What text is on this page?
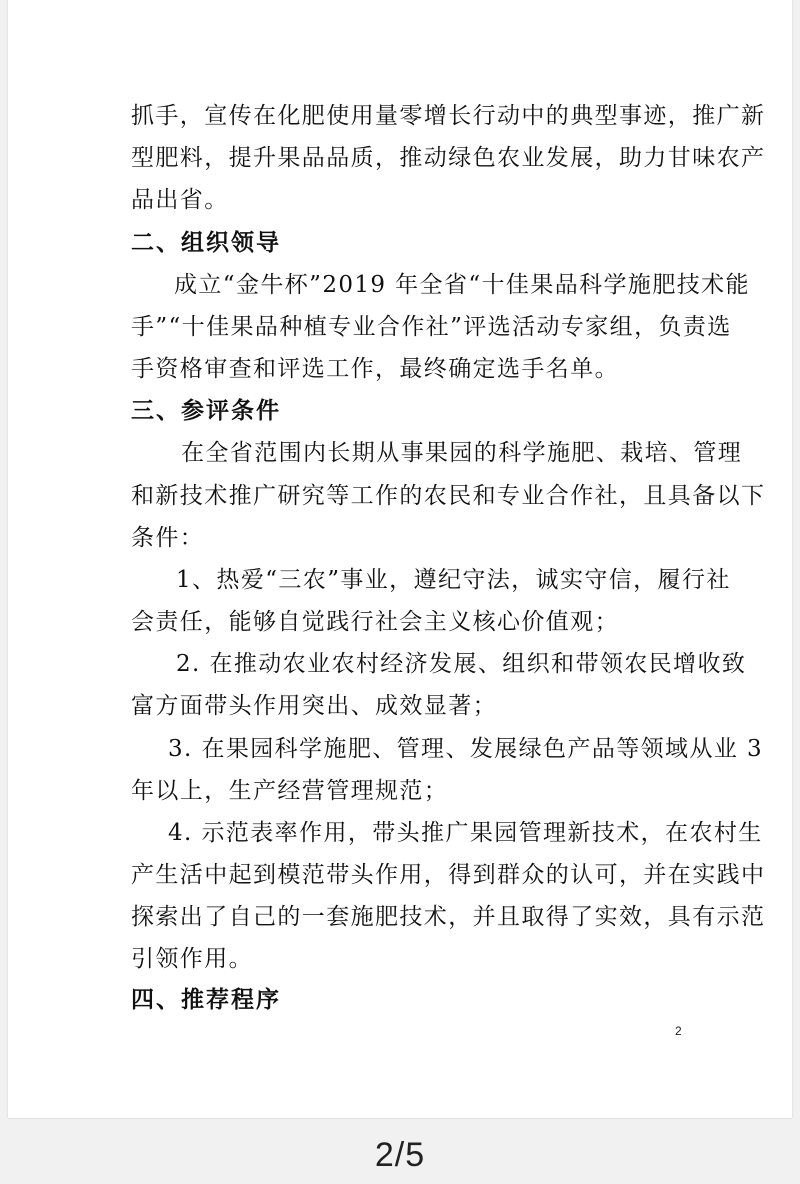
抓手，宣传在化肥使用量零增长行动中的典型事迹，推广新
型肥料，提升果品品质，推动绿色农业发展，助力甘味农产
品出省。
二、组织领导
成立“金牛杯”2019 年全省“十佳果品科学施肥技术能
手”“十佳果品种植专业合作社”评选活动专家组，负责选
手资格审查和评选工作，最终确定选手名单。
三、参评条件
在全省范围内长期从事果园的科学施肥、栽培、管理
和新技术推广研究等工作的农民和专业合作社，且具备以下
条件：
1、热爱“三农”事业，遵纪守法，诚实守信，履行社
会责任，能够自觉践行社会主义核心价值观；
2. 在推动农业农村经济发展、组织和带领农民增收致
富方面带头作用突出、成效显著；
3. 在果园科学施肥、管理、发展绿色产品等领域从业 3
年以上，生产经营管理规范；
4. 示范表率作用，带头推广果园管理新技术，在农村生
产生活中起到模范带头作用，得到群众的认可，并在实践中
探索出了自己的一套施肥技术，并且取得了实效，具有示范
引领作用。
四、推荐程序
2
2/5
